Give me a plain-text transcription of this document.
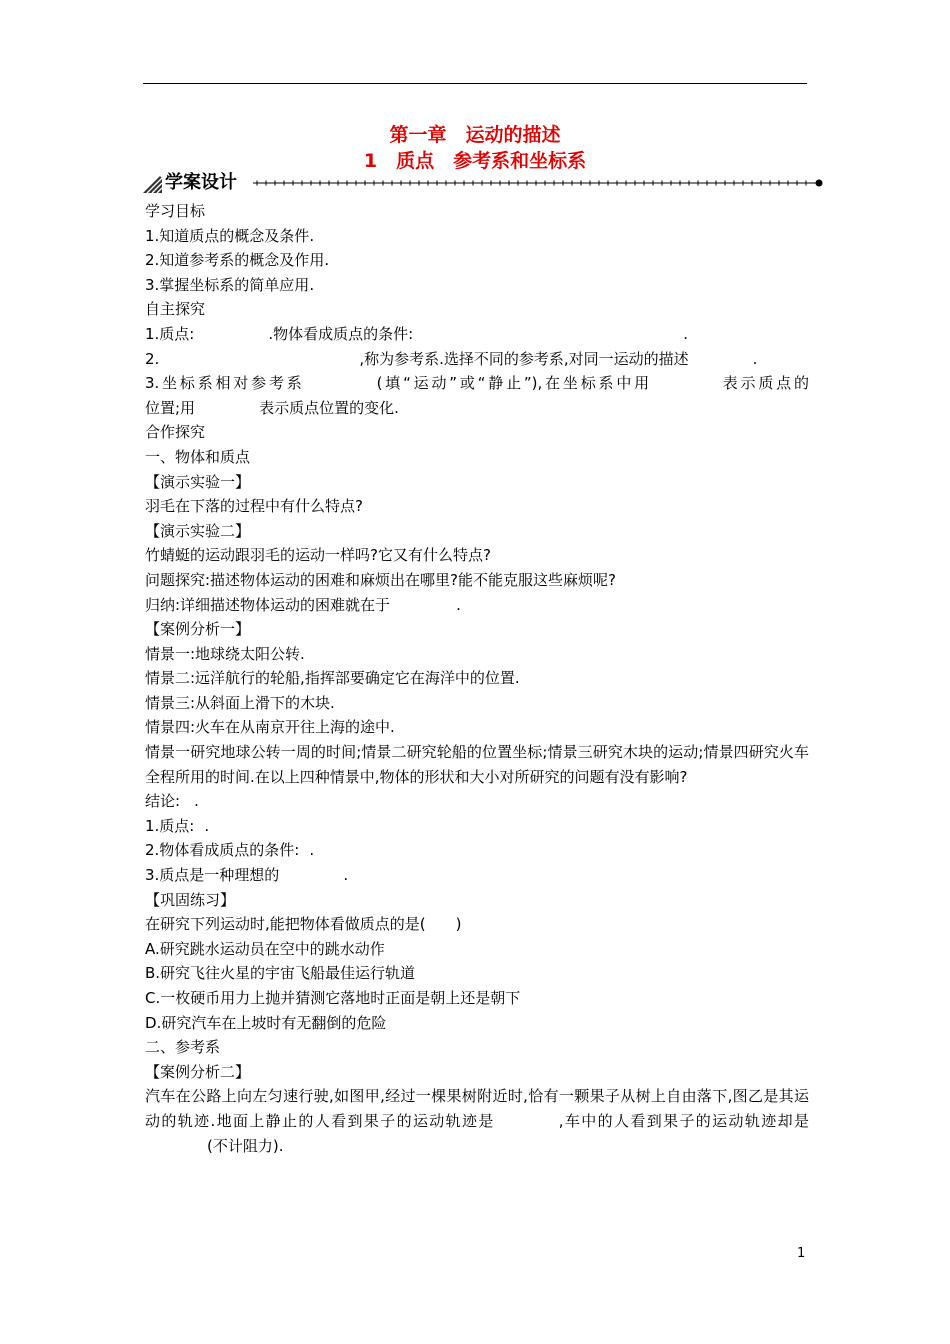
第一章　运动的描述
1　质点　参考系和坐标系
学案设计

学习目标

1.知道质点的概念及条件.

2.知道参考系的概念及作用.

3.掌握坐标系的简单应用.

自主探究

1.质点:	.物体看成质点的条件:	.

2.	,称为参考系.选择不同的参考系,对同一运动的描述	.

3.坐标系相对参考系	(填“运动”或“静止”),在坐标系中用	表示质点的

位置;用	表示质点位置的变化.

合作探究

一、物体和质点

【演示实验一】

羽毛在下落的过程中有什么特点?

【演示实验二】

竹蜻蜓的运动跟羽毛的运动一样吗?它又有什么特点?

问题探究:描述物体运动的困难和麻烦出在哪里?能不能克服这些麻烦呢?

归纳:详细描述物体运动的困难就在于	.

【案例分析一】

情景一:地球绕太阳公转.

情景二:远洋航行的轮船,指挥部要确定它在海洋中的位置.

情景三:从斜面上滑下的木块.

情景四:火车在从南京开往上海的途中.

情景一研究地球公转一周的时间;情景二研究轮船的位置坐标;情景三研究木块的运动;情景四研究火车全程所用的时间.在以上四种情景中,物体的形状和大小对所研究的问题有没有影响?

结论: .

1.质点: .

2.物体看成质点的条件: .

3.质点是一种理想的	.

【巩固练习】

在研究下列运动时,能把物体看做质点的是(　　)

A.研究跳水运动员在空中的跳水动作

B.研究飞往火星的宇宙飞船最佳运行轨道

C.一枚硬币用力上抛并猜测它落地时正面是朝上还是朝下

D.研究汽车在上坡时有无翻倒的危险

二、参考系

【案例分析二】

汽车在公路上向左匀速行驶,如图甲,经过一棵果树附近时,恰有一颗果子从树上自由落下,图乙是其运动的轨迹.地面上静止的人看到果子的运动轨迹是	,车中的人看到果子的运动轨迹却是(不计阻力).

1
